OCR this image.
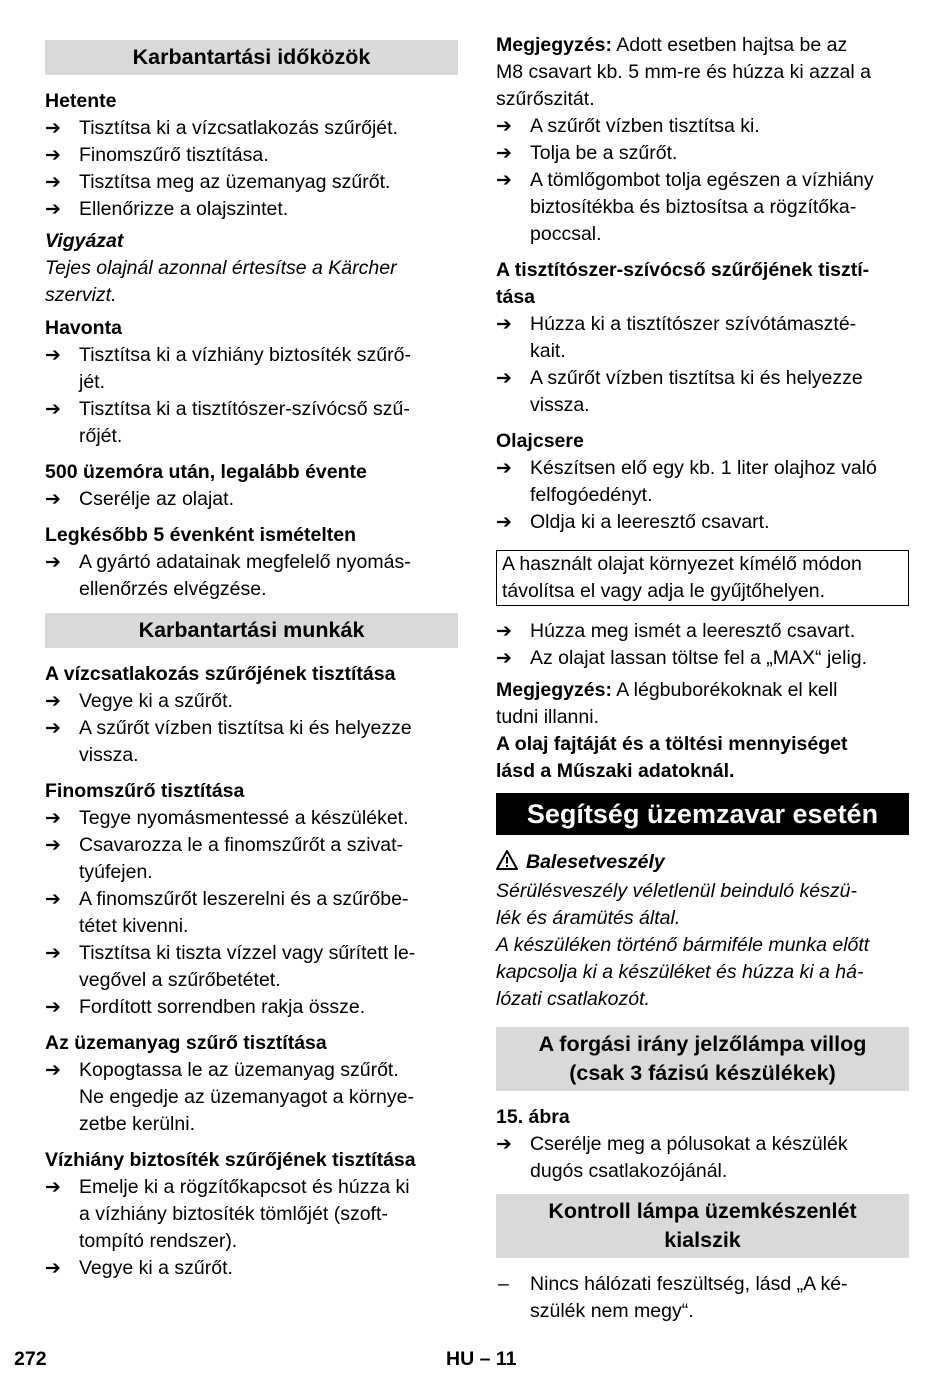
Karbantartási időközök
Hetente
➔ Tisztítsa ki a vízcsatlakozás szűrőjét.
➔ Finomszűrő tisztítása.
➔ Tisztítsa meg az üzemanyag szűrőt.
➔ Ellenőrizze a olajszintet.
Vigyázat
Tejes olajnál azonnal értesítse a Kärcher
szervizt.
Havonta
➔ Tisztítsa ki a vízhiány biztosíték szűrő-
jét.
➔ Tisztítsa ki a tisztítószer-szívócső szű-
rőjét.
500 üzemóra után, legalább évente
➔ Cserélje az olajat.
Legkésőbb 5 évenként ismételten
➔ A gyártó adatainak megfelelő nyomás-
ellenőrzés elvégzése.
Karbantartási munkák
A vízcsatlakozás szűrőjének tisztítása
➔ Vegye ki a szűrőt.
➔ A szűrőt vízben tisztítsa ki és helyezze
vissza.
Finomszűrő tisztítása
➔ Tegye nyomásmentessé a készüléket.
➔ Csavarozza le a finomszűrőt a szivat-
tyúfejen.
➔ A finomszűrőt leszerelni és a szűrőbe-
tétet kivenni.
➔ Tisztítsa ki tiszta vízzel vagy sűrített le-
vegővel a szűrőbetétet.
➔ Fordított sorrendben rakja össze.
Az üzemanyag szűrő tisztítása
➔ Kopogtassa le az üzemanyag szűrőt.
Ne engedje az üzemanyagot a környe-
zetbe kerülni.
Vízhiány biztosíték szűrőjének tisztítása
➔ Emelje ki a rögzítőkapcsot és húzza ki
a vízhiány biztosíték tömlőjét (szoft-
tompító rendszer).
➔ Vegye ki a szűrőt.
Megjegyzés: Adott esetben hajtsa be az
M8 csavart kb. 5 mm-re és húzza ki azzal a
szűrőszitát.
➔ A szűrőt vízben tisztítsa ki.
➔ Tolja be a szűrőt.
➔ A tömlőgombot tolja egészen a vízhiány
biztosítékba és biztosítsa a rögzítőka-
poccsal.
A tisztítószer-szívócső szűrőjének tisztí-
tása
➔ Húzza ki a tisztítószer szívótámaszté-
kait.
➔ A szűrőt vízben tisztítsa ki és helyezze
vissza.
Olajcsere
➔ Készítsen elő egy kb. 1 liter olajhoz való
felfogóedényt.
➔ Oldja ki a leeresztő csavart.
A használt olajat környezet kímélő módon
távolítsa el vagy adja le gyűjtőhelyen.
➔ Húzza meg ismét a leeresztő csavart.
➔ Az olajat lassan töltse fel a „MAX“ jelig.
Megjegyzés: A légbuborékoknak el kell
tudni illanni.
A olaj fajtáját és a töltési mennyiséget
lásd a Műszaki adatoknál.
Segítség üzemzavar esetén
Balesetveszély
Sérülésveszély véletlenül beinduló készü-
lék és áramütés által.
A készüléken történő bármiféle munka előtt
kapcsolja ki a készüléket és húzza ki a há-
lózati csatlakozót.
A forgási irány jelzőlámpa villog
(csak 3 fázisú készülékek)
15. ábra
➔ Cserélje meg a pólusokat a készülék
dugós csatlakozójánál.
Kontroll lámpa üzemkészenlét
kialszik
–	Nincs hálózati feszültség, lásd „A ké-
szülék nem megy“.
272	HU – 11
